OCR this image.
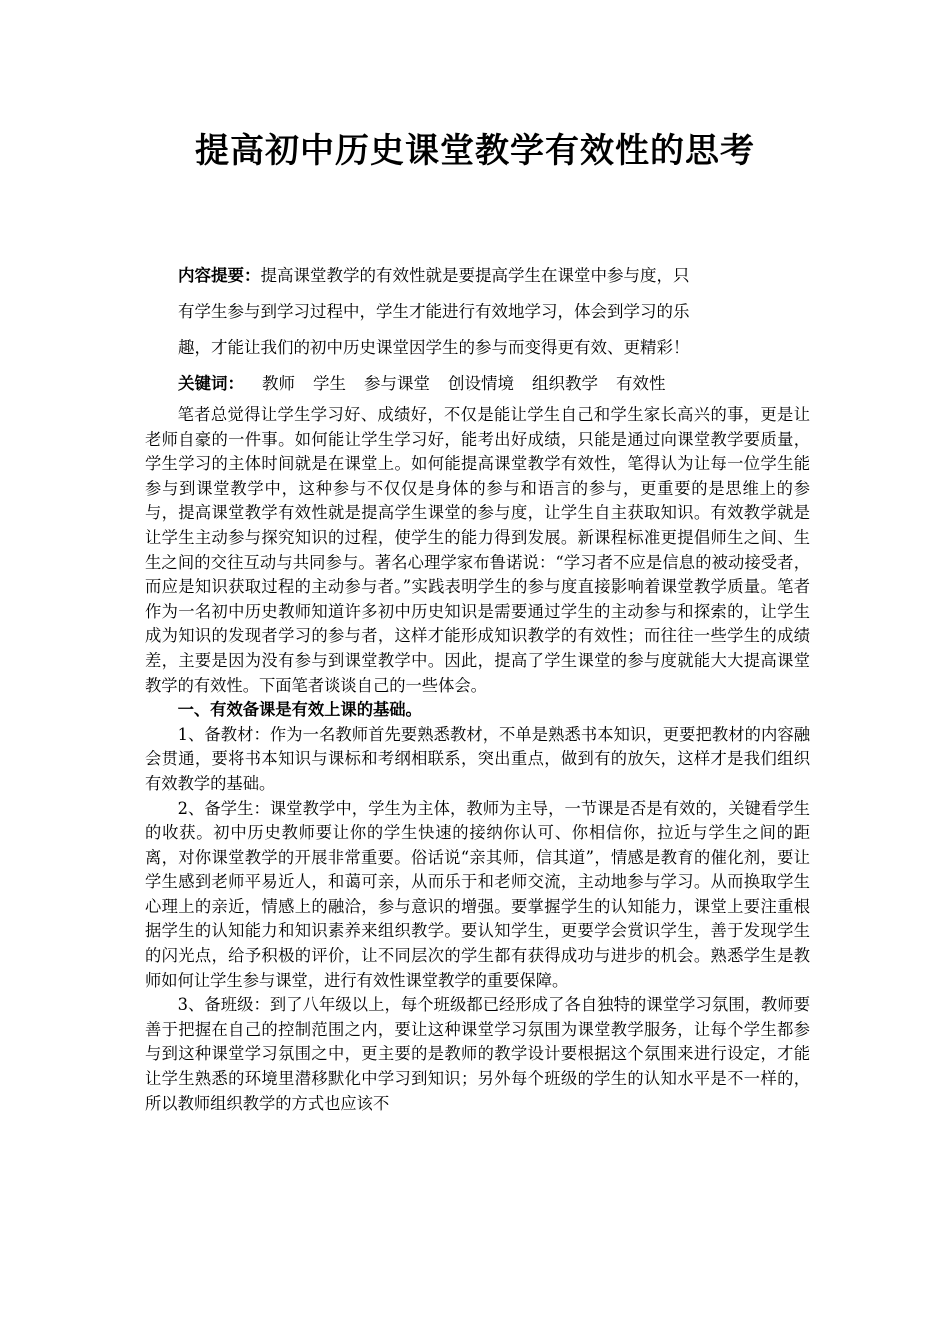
提高初中历史课堂教学有效性的思考
内容提要：提高课堂教学的有效性就是要提高学生在课堂中参与度，只
有学生参与到学习过程中，学生才能进行有效地学习，体会到学习的乐
趣，才能让我们的初中历史课堂因学生的参与而变得更有效、更精彩！
关键词： 教师 学生 参与课堂 创设情境 组织教学 有效性

笔者总觉得让学生学习好、成绩好，不仅是能让学生自己和学生家长高兴的事，更是让老师自豪的一件事。如何能让学生学习好，能考出好成绩，只能是通过向课堂教学要质量，学生学习的主体时间就是在课堂上。如何能提高课堂教学有效性，笔得认为让每一位学生能参与到课堂教学中，这种参与不仅仅是身体的参与和语言的参与，更重要的是思维上的参与，提高课堂教学有效性就是提高学生课堂的参与度，让学生自主获取知识。有效教学就是让学生主动参与探究知识的过程，使学生的能力得到发展。新课程标准更提倡师生之间、生生之间的交往互动与共同参与。著名心理学家布鲁诺说：“学习者不应是信息的被动接受者，而应是知识获取过程的主动参与者。”实践表明学生的参与度直接影响着课堂教学质量。笔者作为一名初中历史教师知道许多初中历史知识是需要通过学生的主动参与和探索的，让学生成为知识的发现者学习的参与者，这样才能形成知识教学的有效性；而往往一些学生的成绩差，主要是因为没有参与到课堂教学中。因此，提高了学生课堂的参与度就能大大提高课堂教学的有效性。下面笔者谈谈自己的一些体会。

一、有效备课是有效上课的基础。

1、备教材：作为一名教师首先要熟悉教材，不单是熟悉书本知识，更要把教材的内容融会贯通，要将书本知识与课标和考纲相联系，突出重点，做到有的放矢，这样才是我们组织有效教学的基础。

2、备学生：课堂教学中，学生为主体，教师为主导，一节课是否是有效的，关键看学生的收获。初中历史教师要让你的学生快速的接纳你认可、你相信你，拉近与学生之间的距离，对你课堂教学的开展非常重要。俗话说“亲其师，信其道”，情感是教育的催化剂，要让学生感到老师平易近人，和蔼可亲，从而乐于和老师交流，主动地参与学习。从而换取学生心理上的亲近，情感上的融洽，参与意识的增强。要掌握学生的认知能力，课堂上要注重根据学生的认知能力和知识素养来组织教学。要认知学生，更要学会赏识学生，善于发现学生的闪光点，给予积极的评价，让不同层次的学生都有获得成功与进步的机会。熟悉学生是教师如何让学生参与课堂，进行有效性课堂教学的重要保障。

3、备班级：到了八年级以上，每个班级都已经形成了各自独特的课堂学习氛围，教师要善于把握在自己的控制范围之内，要让这种课堂学习氛围为课堂教学服务，让每个学生都参与到这种课堂学习氛围之中，更主要的是教师的教学设计要根据这个氛围来进行设定，才能让学生熟悉的环境里潜移默化中学习到知识；另外每个班级的学生的认知水平是不一样的，所以教师组织教学的方式也应该不
